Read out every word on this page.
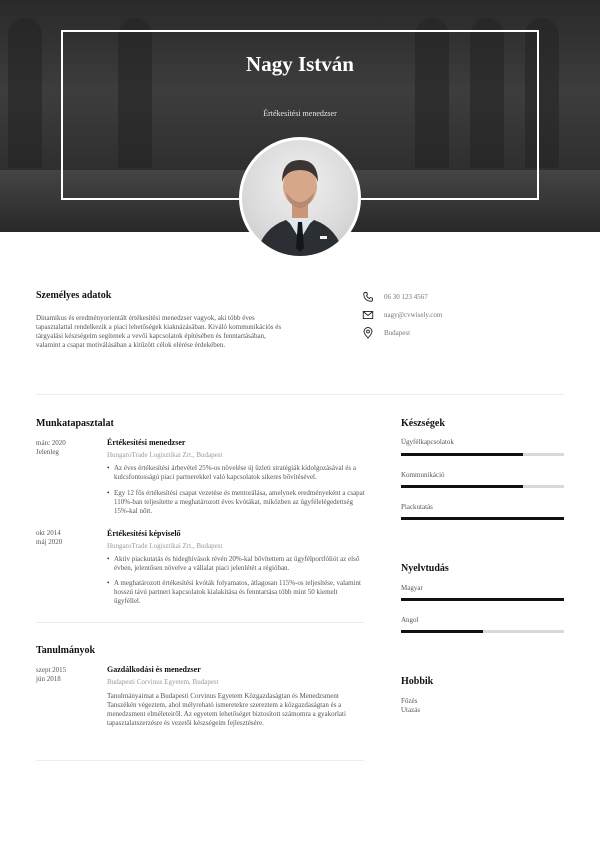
Nagy István
Értékesítési menedzser
Személyes adatok
Dinamikus és eredményorientált értékesítési menedzser vagyok, aki több éves tapasztalattal rendelkezik a piaci lehetőségek kiaknázásában. Kiváló kommunikációs és tárgyalási készségeim segítenek a vevői kapcsolatok építésében és fenntartásában, valamint a csapat motiválásában a kitűzött célok elérése érdekében.
06 30 123 4567
nagy@cvwisely.com
Budapest
Munkatapasztalat
márc 2020
Jelenleg
Értékesítési menedzser
HungaroTrade Logisztikai Zrt., Budapest
• Az éves értékesítési árbevétel 25%-os növelése új üzleti stratégiák kidolgozásával és a kulcsfontosságú piaci partnerekkel való kapcsolatok sikeres bővítésével.
• Egy 12 fős értékesítési csapat vezetése és mentorálása, amelynek eredményeként a csapat 110%-ban teljesítette a meghatározott éves kvótákat, miközben az ügyfélelégedettség 15%-kal nőtt.
okt 2014
máj 2020
Értékesítési képviselő
HungaroTrade Logisztikai Zrt., Budapest
• Aktív piackutatás és hideghívások révén 20%-kal bővítettem az ügyfélportfóliót az első évben, jelentősen növelve a vállalat piaci jelenlétét a régióban.
• A meghatározott értékesítési kvóták folyamatos, átlagosan 115%-os teljesítése, valamint hosszú távú partneri kapcsolatok kialakítása és fenntartása több mint 50 kiemelt ügyféllel.
Tanulmányok
szept 2015
jún 2018
Gazdálkodási és menedzser
Budapesti Corvinus Egyetem, Budapest
Tanulmányaimat a Budapesti Corvinus Egyetem Közgazdaságtan és Menedzsment Tanszékén végeztem, ahol mélyreható ismeretekre szereztem a közgazdaságtan és a menedzsment elméleteiről. Az egyetem lehetőséget biztosított számomra a gyakorlati tapasztalatszerzésre és vezetői készségeim fejlesztésére.
Készségek
Ügyfélkapcsolatok
Kommunikáció
Piackutatás
Nyelvtudás
Magyar
Angol
Hobbik
Főzés
Utazás
